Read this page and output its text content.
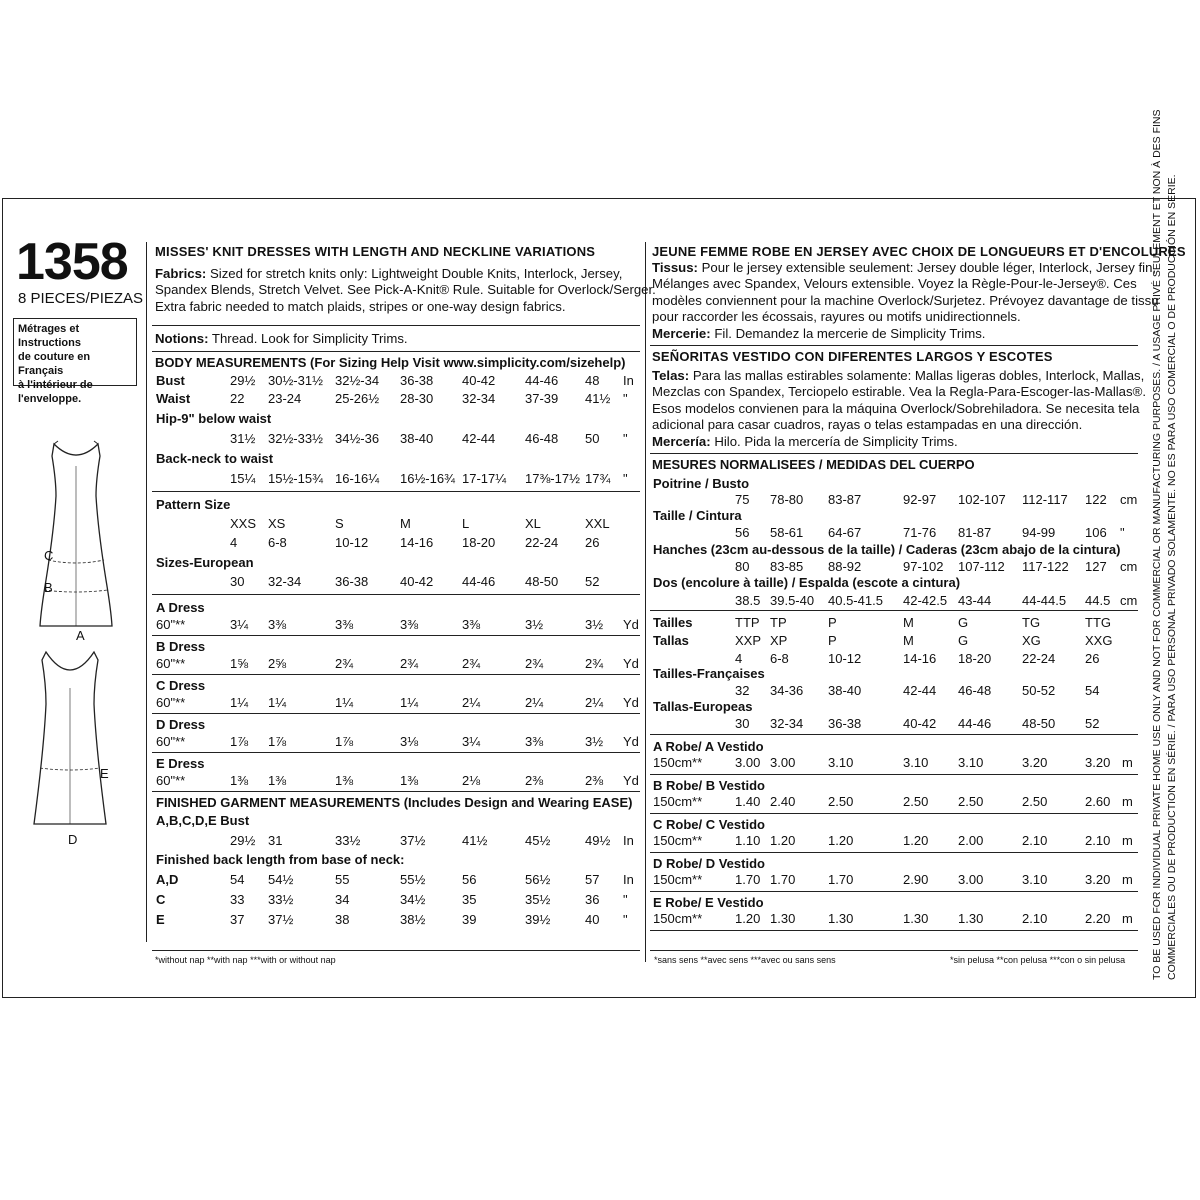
1358
8 PIECES/PIEZAS
Métrages et Instructions
de couture en Français
à l'intérieur de
l'enveloppe.
C
B
A
E
D
MISSES' KNIT DRESSES WITH LENGTH AND NECKLINE VARIATIONS
Fabrics: Sized for stretch knits only: Lightweight Double Knits, Interlock, Jersey,
Spandex Blends, Stretch Velvet. See Pick-A-Knit® Rule. Suitable for Overlock/Serger.
Extra fabric needed to match plaids, stripes or one-way design fabrics.
Notions: Thread. Look for Simplicity Trims.
BODY MEASUREMENTS (For Sizing Help Visit www.simplicity.com/sizehelp)
Bust	29½ 30½-31½ 32½-34 36-38 40-42 44-46 48 In
Waist	22 23-24	25-26½ 28-30 32-34 37-39 41½ "
Hip-9" below waist
31½ 32½-33½ 34½-36 38-40 42-44 46-48 50 "
Back-neck to waist
15¼ 15½-15¾ 16-16¼ 16½-16¾ 17-17¼ 17⅜-17½ 17¾ "
Pattern Size
XXS XS	S	M	L	XL	XXL
4 6-8	10-12 14-16 18-20 22-24 26
Sizes-European
30 32-34	36-38 40-42 44-46 48-50 52
A Dress
60"**	3¼ 3⅜	3⅜	3⅜	3⅜	3½	3½ Yd
B Dress
60"**	1⅝ 2⅝	2¾	2¾	2¾	2¾	2¾ Yd
C Dress
60"**	1¼ 1¼	1¼	1¼	2¼	2¼	2¼ Yd
D Dress
60"**	1⅞ 1⅞	1⅞	3⅛	3¼	3⅜	3½ Yd
E Dress
60"**	1⅜ 1⅜	1⅜	1⅜	2⅛	2⅜	2⅜ Yd
FINISHED GARMENT MEASUREMENTS (Includes Design and Wearing EASE)
A,B,C,D,E Bust
29½ 31	33½	37½	41½	45½	49½ In
Finished back length from base of neck:
A,D	54 54½	55	55½	56	56½	57 In
C	33 33½	34	34½	35	35½	36 "
E	37 37½	38	38½	39	39½	40 "
JEUNE FEMME ROBE EN JERSEY AVEC CHOIX DE LONGUEURS ET D'ENCOLURES
Tissus: Pour le jersey extensible seulement: Jersey double léger, Interlock, Jersey fin,
Mélanges avec Spandex, Velours extensible. Voyez la Règle-Pour-le-Jersey®. Ces
modèles conviennent pour la machine Overlock/Surjetez. Prévoyez davantage de tissu
pour raccorder les écossais, rayures ou motifs unidirectionnels.
Mercerie: Fil. Demandez la mercerie de Simplicity Trims.
SEÑORITAS VESTIDO CON DIFERENTES LARGOS Y ESCOTES
Telas: Para las mallas estirables solamente: Mallas ligeras dobles, Interlock, Mallas,
Mezclas con Spandex, Terciopelo estirable. Vea la Regla-Para-Escoger-las-Mallas®.
Esos modelos convienen para la máquina Overlock/Sobrehiladora. Se necesita tela
adicional para casar cuadros, rayas o telas estampadas en una dirección.
Mercería: Hilo. Pida la mercería de Simplicity Trims.
MESURES NORMALISEES / MEDIDAS DEL CUERPO
Poitrine / Busto
75 78-80 83-87	92-97 102-107 112-117 122 cm
Taille / Cintura
56 58-61 64-67	71-76 81-87 94-99 106 "
Hanches (23cm au-dessous de la taille) / Caderas (23cm abajo de la cintura)
80 83-85 88-92	97-102 107-112 117-122 127 cm
Dos (encolure à taille) / Espalda (escote a cintura)
38.5 39.5-40 40.5-41.5 42-42.5 43-44 44-44.5 44.5 cm
Tailles	TTP TP	P	M	G	TG	TTG
Tallas	XXP XP	P	M	G	XG	XXG
4 6-8	10-12	14-16 18-20 22-24 26
Tailles-Françaises
32 34-36 38-40	42-44 46-48 50-52 54
Tallas-Europeas
30 32-34 36-38	40-42 44-46 48-50 52
A Robe/ A Vestido
150cm**	3.00 3.00	3.10	3.10 3.10	3.20	3.20 m
B Robe/ B Vestido
150cm**	1.40 2.40	2.50	2.50 2.50	2.50	2.60 m
C Robe/ C Vestido
150cm**	1.10 1.20	1.20	1.20 2.00	2.10	2.10 m
D Robe/ D Vestido
150cm**	1.70 1.70	1.70	2.90 3.00	3.10	3.20 m
E Robe/ E Vestido
150cm**	1.20 1.30	1.30	1.30 1.30	2.10	2.20 m
*without nap **with nap ***with or without nap	*sans sens **avec sens ***avec ou sans sens	*sin pelusa **con pelusa ***con o sin pelusa TO BE USED FOR INDIVIDUAL PRIVATE HOME USE ONLY AND NOT FOR COMMERCIAL OR MANUFACTURING PURPOSES. / A USAGE PRIVÉ SEULEMENT ET NON À DES FINS COMMERCIALES OU DE PRODUCTION EN SÉRIE. / PARA USO PERSONAL PRIVADO SOLAMENTE. NO ES PARA USO COMERCIAL O DE PRODUCCIÓN EN SERIE.
